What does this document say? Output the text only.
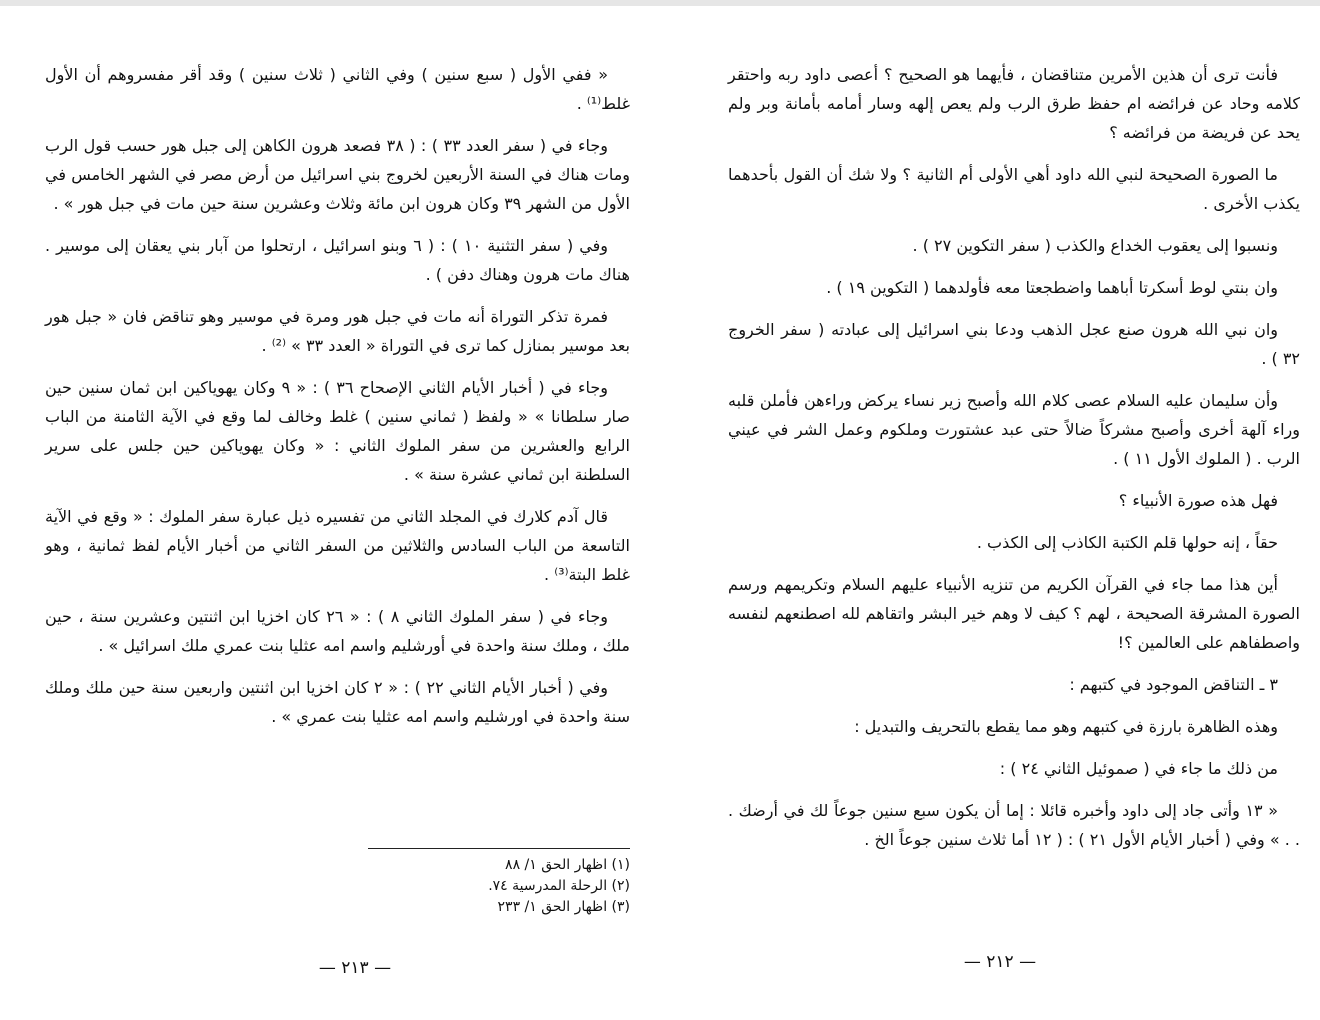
« ففي الأول ( سبع سنين ) وفي الثاني ( ثلاث سنين ) وقد أقر مفسروهم أن الأول غلط⁽¹⁾ .

وجاء في ( سفر العدد ٣٣ ) : ( ٣٨ فصعد هرون الكاهن إلى جبل هور حسب قول الرب ومات هناك في السنة الأربعين لخروج بني اسرائيل من أرض مصر في الشهر الخامس في الأول من الشهر ٣٩ وكان هرون ابن مائة وثلاث وعشرين سنة حين مات في جبل هور » .

وفي ( سفر التثنية ١٠ ) : ( ٦ وبنو اسرائيل ، ارتحلوا من آبار بني يعقان إلى موسير . هناك مات هرون وهناك دفن ) .

فمرة تذكر التوراة أنه مات في جبل هور ومرة في موسير وهو تناقض فان « جبل هور بعد موسير بمنازل كما ترى في التوراة « العدد ٣٣ » ⁽²⁾ .

وجاء في ( أخبار الأيام الثاني الإصحاح ٣٦ ) : « ٩ وكان يهوياكين ابن ثمان سنين حين صار سلطانا » « ولفظ ( ثماني سنين ) غلط وخالف لما وقع في الآية الثامنة من الباب الرابع والعشرين من سفر الملوك الثاني : « وكان يهوياكين حين جلس على سرير السلطنة ابن ثماني عشرة سنة » .

قال آدم كلارك في المجلد الثاني من تفسيره ذيل عبارة سفر الملوك : « وقع في الآية التاسعة من الباب السادس والثلاثين من السفر الثاني من أخبار الأيام لفظ ثمانية ، وهو غلط البتة⁽³⁾ .

وجاء في ( سفر الملوك الثاني ٨ ) : « ٢٦ كان اخزيا ابن اثنتين وعشرين سنة ، حين ملك ، وملك سنة واحدة في أورشليم واسم امه عثليا بنت عمري ملك اسرائيل » .

وفي ( أخبار الأيام الثاني ٢٢ ) : « ٢ كان اخزيا ابن اثنتين واربعين سنة حين ملك وملك سنة واحدة في اورشليم واسم امه عثليا بنت عمري » .

(١) اظهار الحق ١/ ٨٨
(٢) الرحلة المدرسية ٧٤.
(٣) اظهار الحق ١/ ٢٣٣
— ٢١٣ —

فأنت ترى أن هذين الأمرين متناقضان ، فأيهما هو الصحيح ؟ أعصى داود ربه واحتقر كلامه وحاد عن فرائضه ام حفظ طرق الرب ولم يعص إلهه وسار أمامه بأمانة وبر ولم يحد عن فريضة من فرائضه ؟

ما الصورة الصحيحة لنبي الله داود أهي الأولى أم الثانية ؟ ولا شك أن القول بأحدهما يكذب الأخرى .

ونسبوا إلى يعقوب الخداع والكذب ( سفر التكوين ٢٧ ) .

وان بنتي لوط أسكرتا أباهما واضطجعتا معه فأولدهما ( التكوين ١٩ ) .

وان نبي الله هرون صنع عجل الذهب ودعا بني اسرائيل إلى عبادته ( سفر الخروج ٣٢ ) .

وأن سليمان عليه السلام عصى كلام الله وأصبح زير نساء يركض وراءهن فأملن قلبه وراء آلهة أخرى وأصبح مشركاً ضالاً حتى عبد عشتورت وملكوم وعمل الشر في عيني الرب . ( الملوك الأول ١١ ) .

فهل هذه صورة الأنبياء ؟

حقاً ، إنه حولها قلم الكتبة الكاذب إلى الكذب .

أين هذا مما جاء في القرآن الكريم من تنزيه الأنبياء عليهم السلام وتكريمهم ورسم الصورة المشرقة الصحيحة ، لهم ؟ كيف لا وهم خير البشر واتقاهم لله اصطنعهم لنفسه واصطفاهم على العالمين ؟!

٣ ـ التناقض الموجود في كتبهم :

وهذه الظاهرة بارزة في كتبهم وهو مما يقطع بالتحريف والتبديل :

من ذلك ما جاء في ( صموئيل الثاني ٢٤ ) :

« ١٣ وأتى جاد إلى داود وأخبره قائلا : إما أن يكون سبع سنين جوعاً لك في أرضك . . . » وفي ( أخبار الأيام الأول ٢١ ) : ( ١٢ أما ثلاث سنين جوعاً الخ .

— ٢١٢ —
